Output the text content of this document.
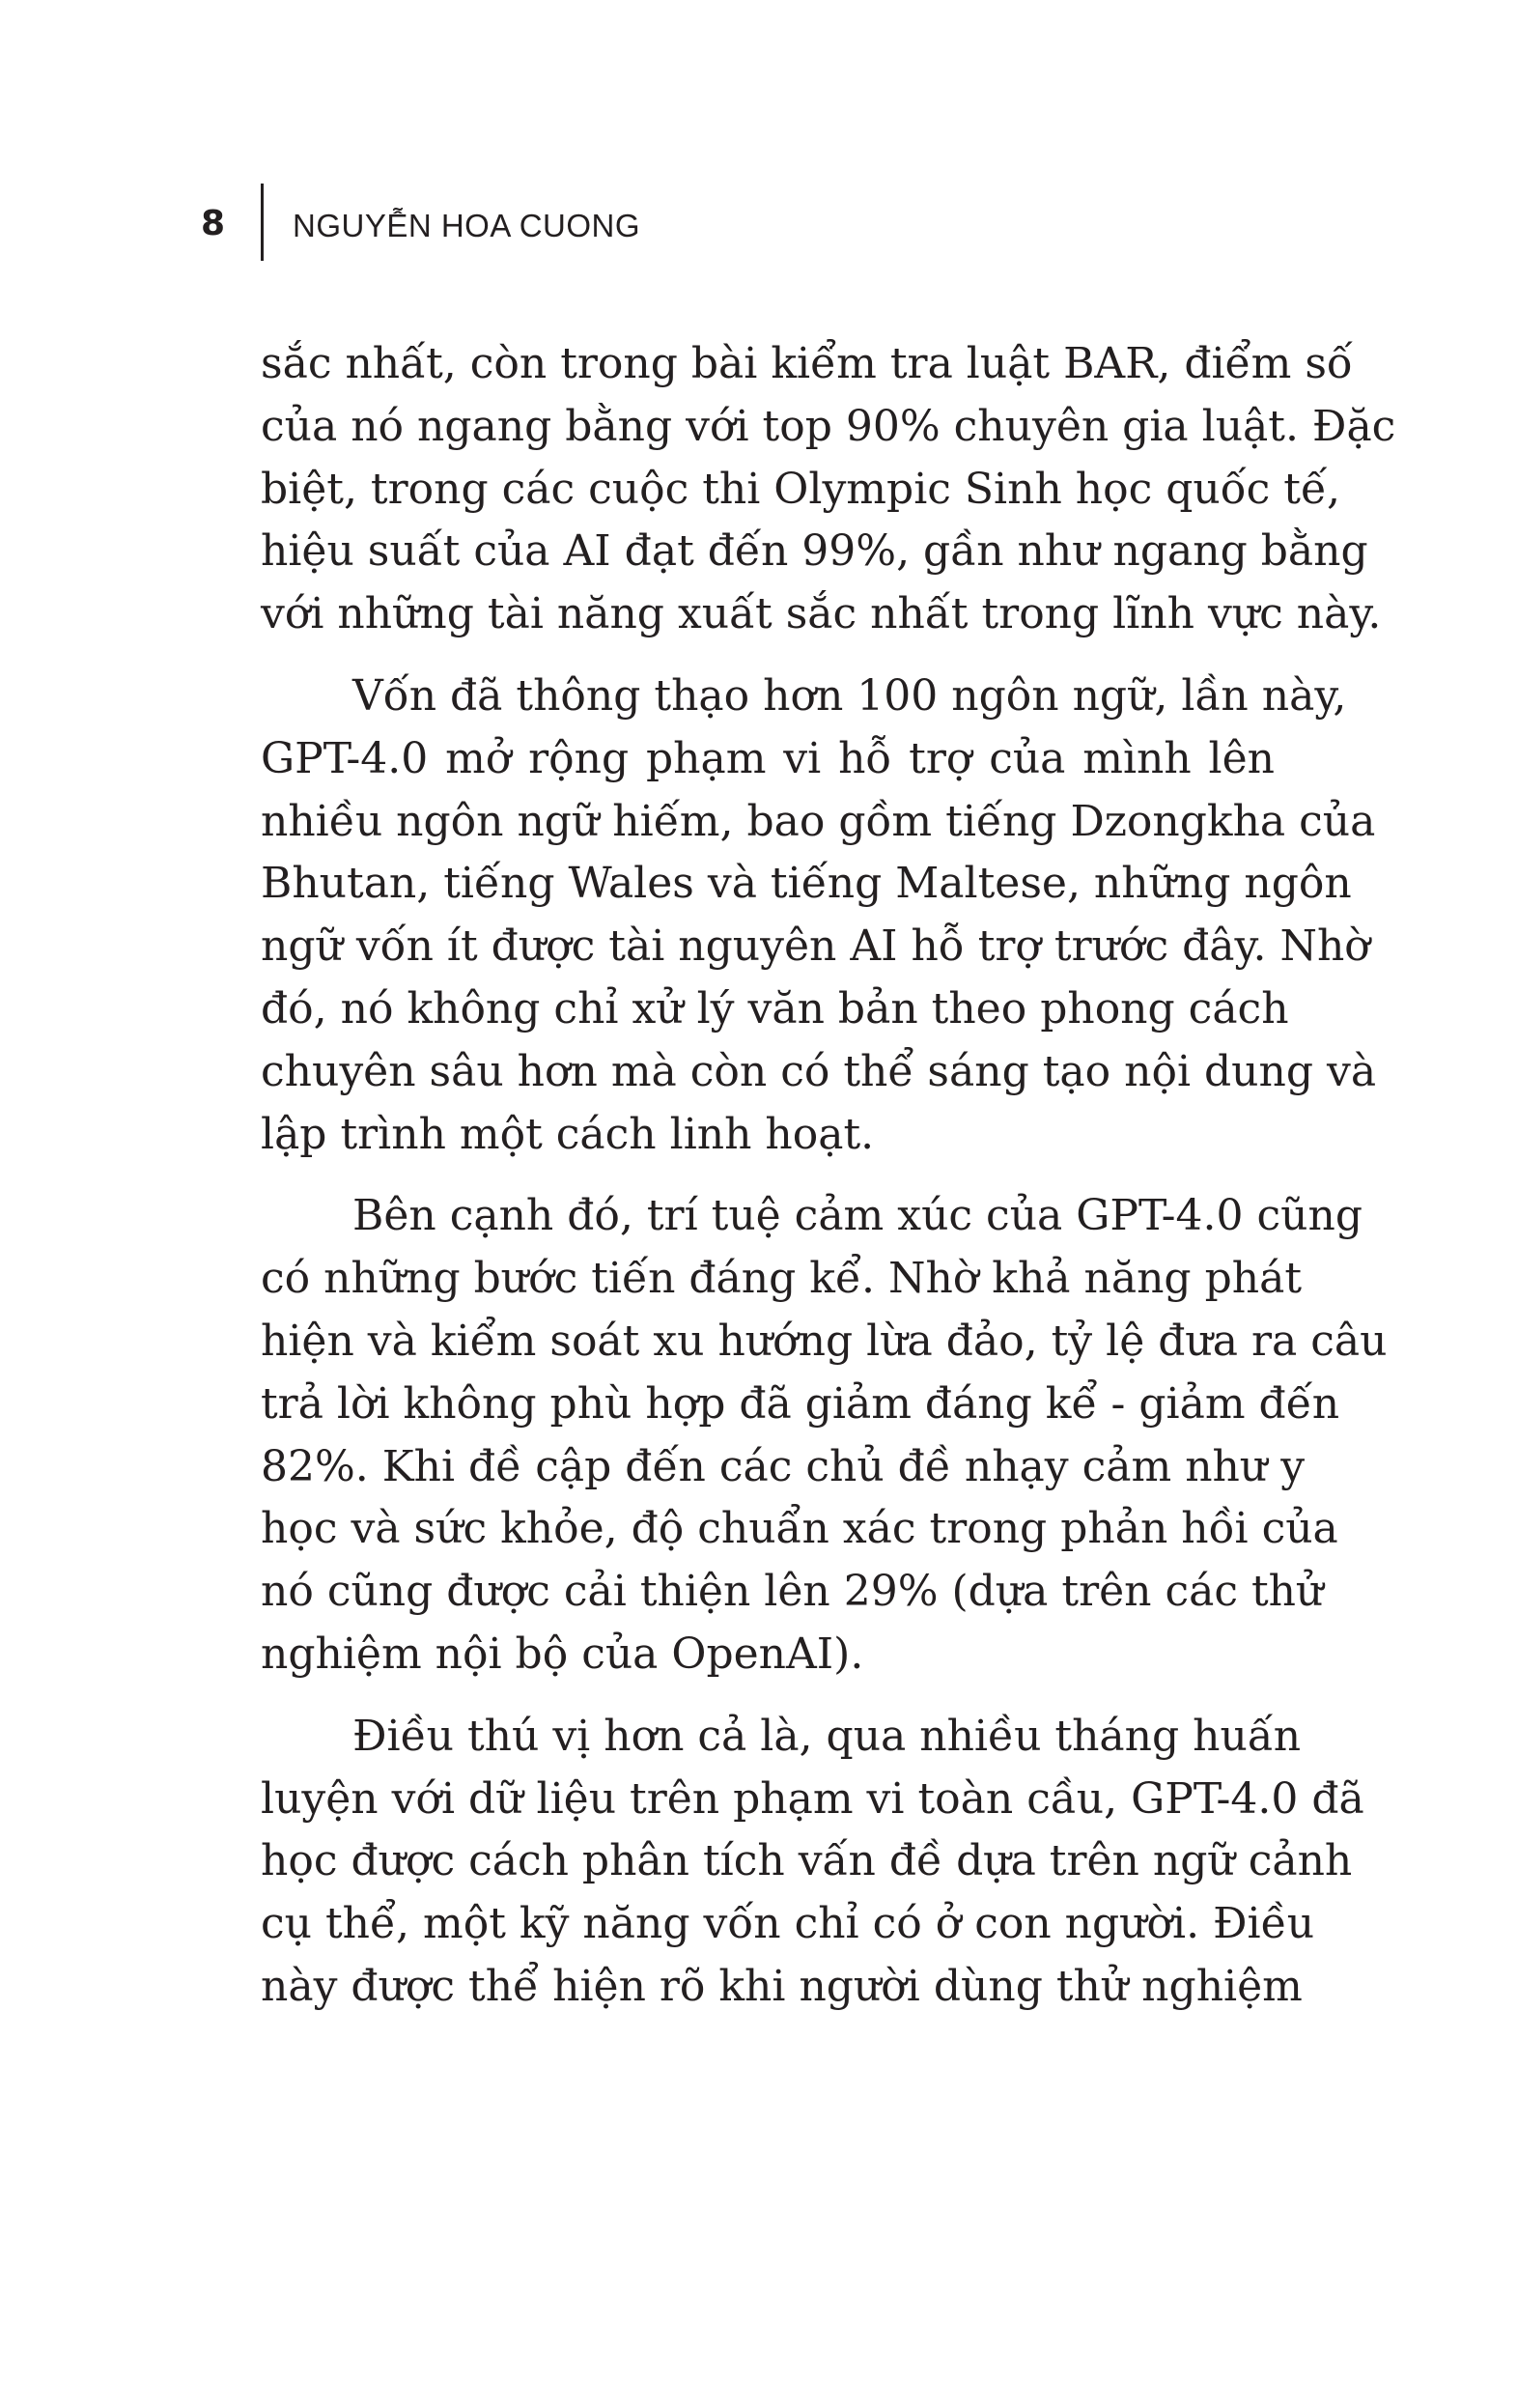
8 NGUYỄN HOA CUONG
sắc nhất, còn trong bài kiểm tra luật BAR, điểm số
của nó ngang bằng với top 90% chuyên gia luật. Đặc
biệt, trong các cuộc thi Olympic Sinh học quốc tế,
hiệu suất của AI đạt đến 99%, gần như ngang bằng
với những tài năng xuất sắc nhất trong lĩnh vực này.
Vốn đã thông thạo hơn 100 ngôn ngữ, lần này,
GPT-4.0 mở rộng phạm vi hỗ trợ của mình lên
nhiều ngôn ngữ hiếm, bao gồm tiếng Dzongkha của
Bhutan, tiếng Wales và tiếng Maltese, những ngôn
ngữ vốn ít được tài nguyên AI hỗ trợ trước đây. Nhờ
đó, nó không chỉ xử lý văn bản theo phong cách
chuyên sâu hơn mà còn có thể sáng tạo nội dung và
lập trình một cách linh hoạt.
Bên cạnh đó, trí tuệ cảm xúc của GPT-4.0 cũng
có những bước tiến đáng kể. Nhờ khả năng phát
hiện và kiểm soát xu hướng lừa đảo, tỷ lệ đưa ra câu
trả lời không phù hợp đã giảm đáng kể - giảm đến
82%. Khi đề cập đến các chủ đề nhạy cảm như y
học và sức khỏe, độ chuẩn xác trong phản hồi của
nó cũng được cải thiện lên 29% (dựa trên các thử
nghiệm nội bộ của OpenAI).
Điều thú vị hơn cả là, qua nhiều tháng huấn
luyện với dữ liệu trên phạm vi toàn cầu, GPT-4.0 đã
học được cách phân tích vấn đề dựa trên ngữ cảnh
cụ thể, một kỹ năng vốn chỉ có ở con người. Điều
này được thể hiện rõ khi người dùng thử nghiệm
